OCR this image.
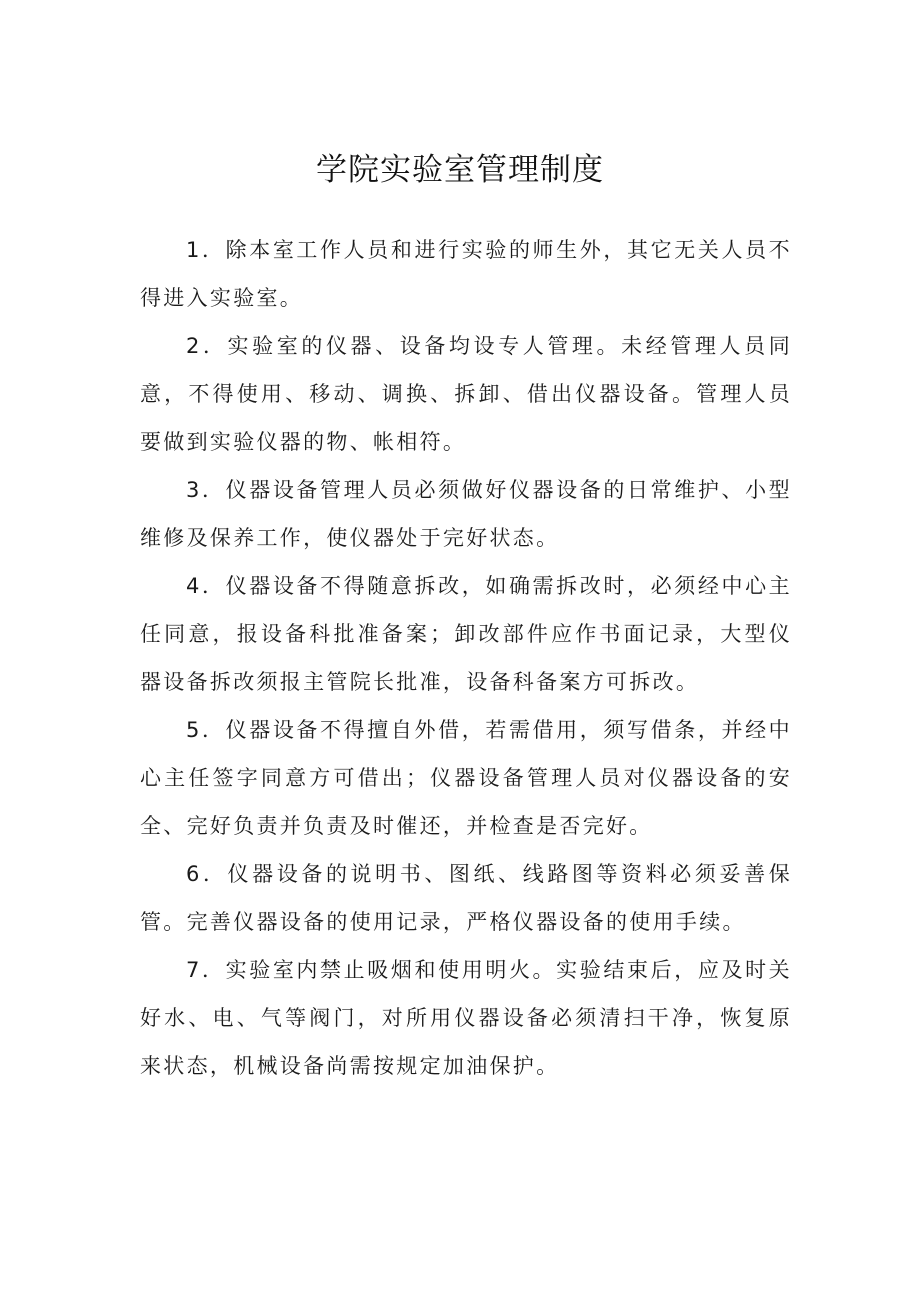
学院实验室管理制度

1．除本室工作人员和进行实验的师生外，其它无关人员不得进入实验室。

2．实验室的仪器、设备均设专人管理。未经管理人员同意，不得使用、移动、调换、拆卸、借出仪器设备。管理人员要做到实验仪器的物、帐相符。

3．仪器设备管理人员必须做好仪器设备的日常维护、小型维修及保养工作，使仪器处于完好状态。

4．仪器设备不得随意拆改，如确需拆改时，必须经中心主任同意，报设备科批准备案；卸改部件应作书面记录，大型仪器设备拆改须报主管院长批准，设备科备案方可拆改。

5．仪器设备不得擅自外借，若需借用，须写借条，并经中心主任签字同意方可借出；仪器设备管理人员对仪器设备的安全、完好负责并负责及时催还，并检查是否完好。

6．仪器设备的说明书、图纸、线路图等资料必须妥善保管。完善仪器设备的使用记录，严格仪器设备的使用手续。

7．实验室内禁止吸烟和使用明火。实验结束后，应及时关好水、电、气等阀门，对所用仪器设备必须清扫干净，恢复原来状态，机械设备尚需按规定加油保护。
